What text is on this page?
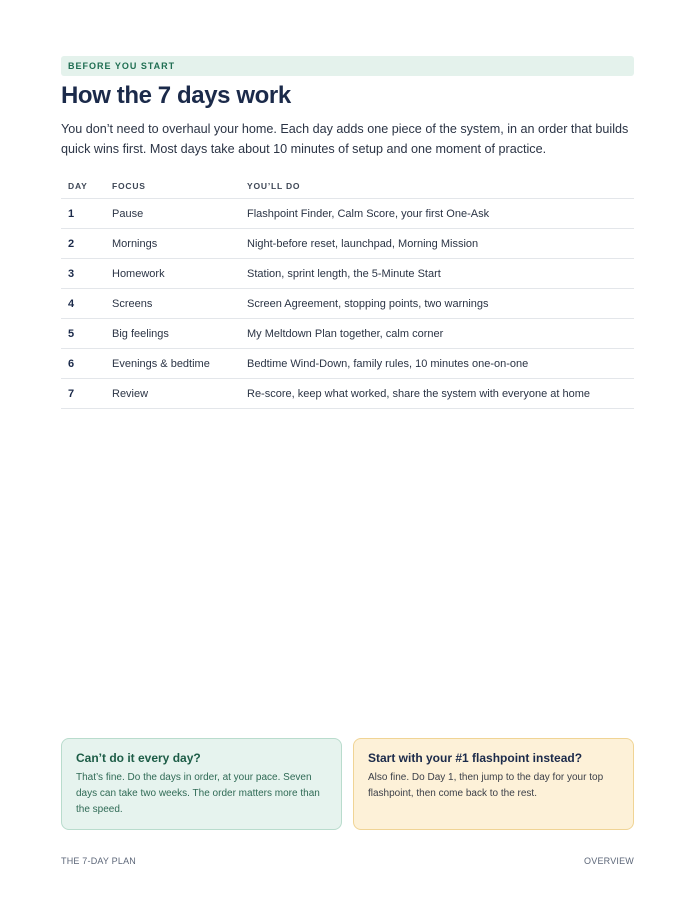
BEFORE YOU START
How the 7 days work

You don’t need to overhaul your home. Each day adds one piece of the system, in an order that builds quick wins first. Most days take about 10 minutes of setup and one moment of practice.

DAY	FOCUS	YOU’LL DO
1	Pause	Flashpoint Finder, Calm Score, your first One-Ask
2	Mornings	Night-before reset, launchpad, Morning Mission
3	Homework	Station, sprint length, the 5-Minute Start
4	Screens	Screen Agreement, stopping points, two warnings
5	Big feelings	My Meltdown Plan together, calm corner
6	Evenings & bedtime	Bedtime Wind-Down, family rules, 10 minutes one-on-one
7	Review	Re-score, keep what worked, share the system with everyone at home
Can’t do it every day?

That’s fine. Do the days in order, at your pace. Seven days can take two weeks. The order matters more than the speed.

Start with your #1 flashpoint instead?

Also fine. Do Day 1, then jump to the day for your top flashpoint, then come back to the rest.

THE 7-DAY PLAN	OVERVIEW
